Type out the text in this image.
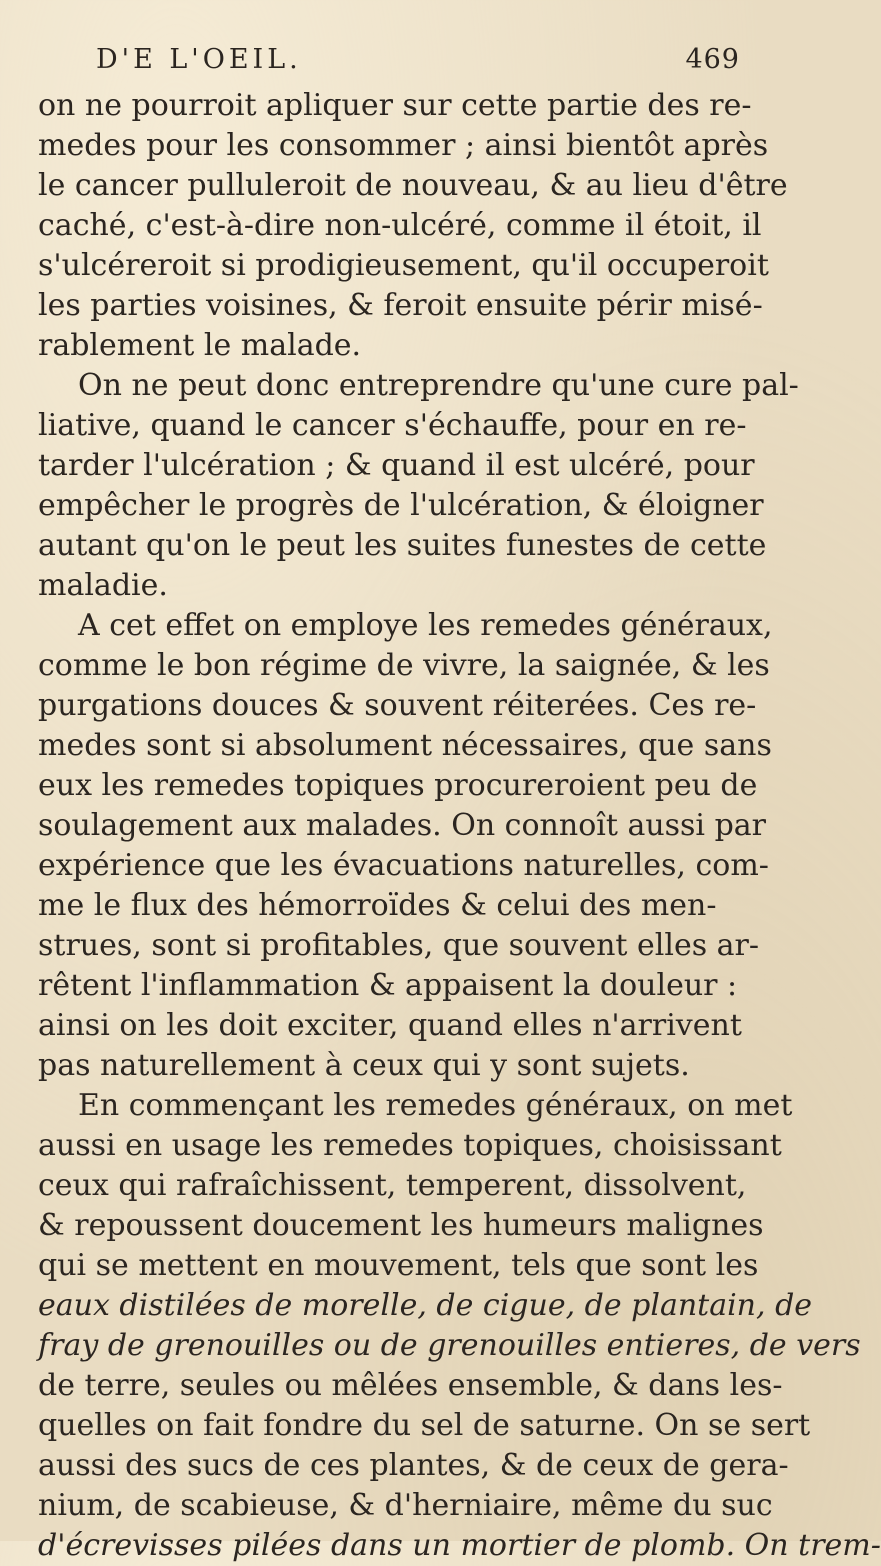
D'E L'OEIL.	469
on ne pourroit apliquer sur cette partie des re-
medes pour les consommer ; ainsi bientôt après
le cancer pulluleroit de nouveau, & au lieu d'être
caché, c'est-à-dire non-ulcéré, comme il étoit, il
s'ulcéreroit si prodigieusement, qu'il occuperoit
les parties voisines, & feroit ensuite périr misé-
rablement le malade.
On ne peut donc entreprendre qu'une cure pal-
liative, quand le cancer s'échauffe, pour en re-
tarder l'ulcération ; & quand il est ulcéré, pour
empêcher le progrès de l'ulcération, & éloigner
autant qu'on le peut les suites funestes de cette
maladie.
A cet effet on employe les remedes généraux,
comme le bon régime de vivre, la saignée, & les
purgations douces & souvent réiterées. Ces re-
medes sont si absolument nécessaires, que sans
eux les remedes topiques procureroient peu de
soulagement aux malades. On connoît aussi par
expérience que les évacuations naturelles, com-
me le flux des hémorroïdes & celui des men-
strues, sont si profitables, que souvent elles ar-
rêtent l'inflammation & appaisent la douleur :
ainsi on les doit exciter, quand elles n'arrivent
pas naturellement à ceux qui y sont sujets.
En commençant les remedes généraux, on met
aussi en usage les remedes topiques, choisissant
ceux qui rafraîchissent, temperent, dissolvent,
& repoussent doucement les humeurs malignes
qui se mettent en mouvement, tels que sont les
eaux distilées de morelle, de cigue, de plantain, de
fray de grenouilles ou de grenouilles entieres, de vers
de terre, seules ou mêlées ensemble, & dans les-
quelles on fait fondre du sel de saturne. On se sert
aussi des sucs de ces plantes, & de ceux de gera-
nium, de scabieuse, & d'herniaire, même du suc
d'écrevisses pilées dans un mortier de plomb. On trem-
